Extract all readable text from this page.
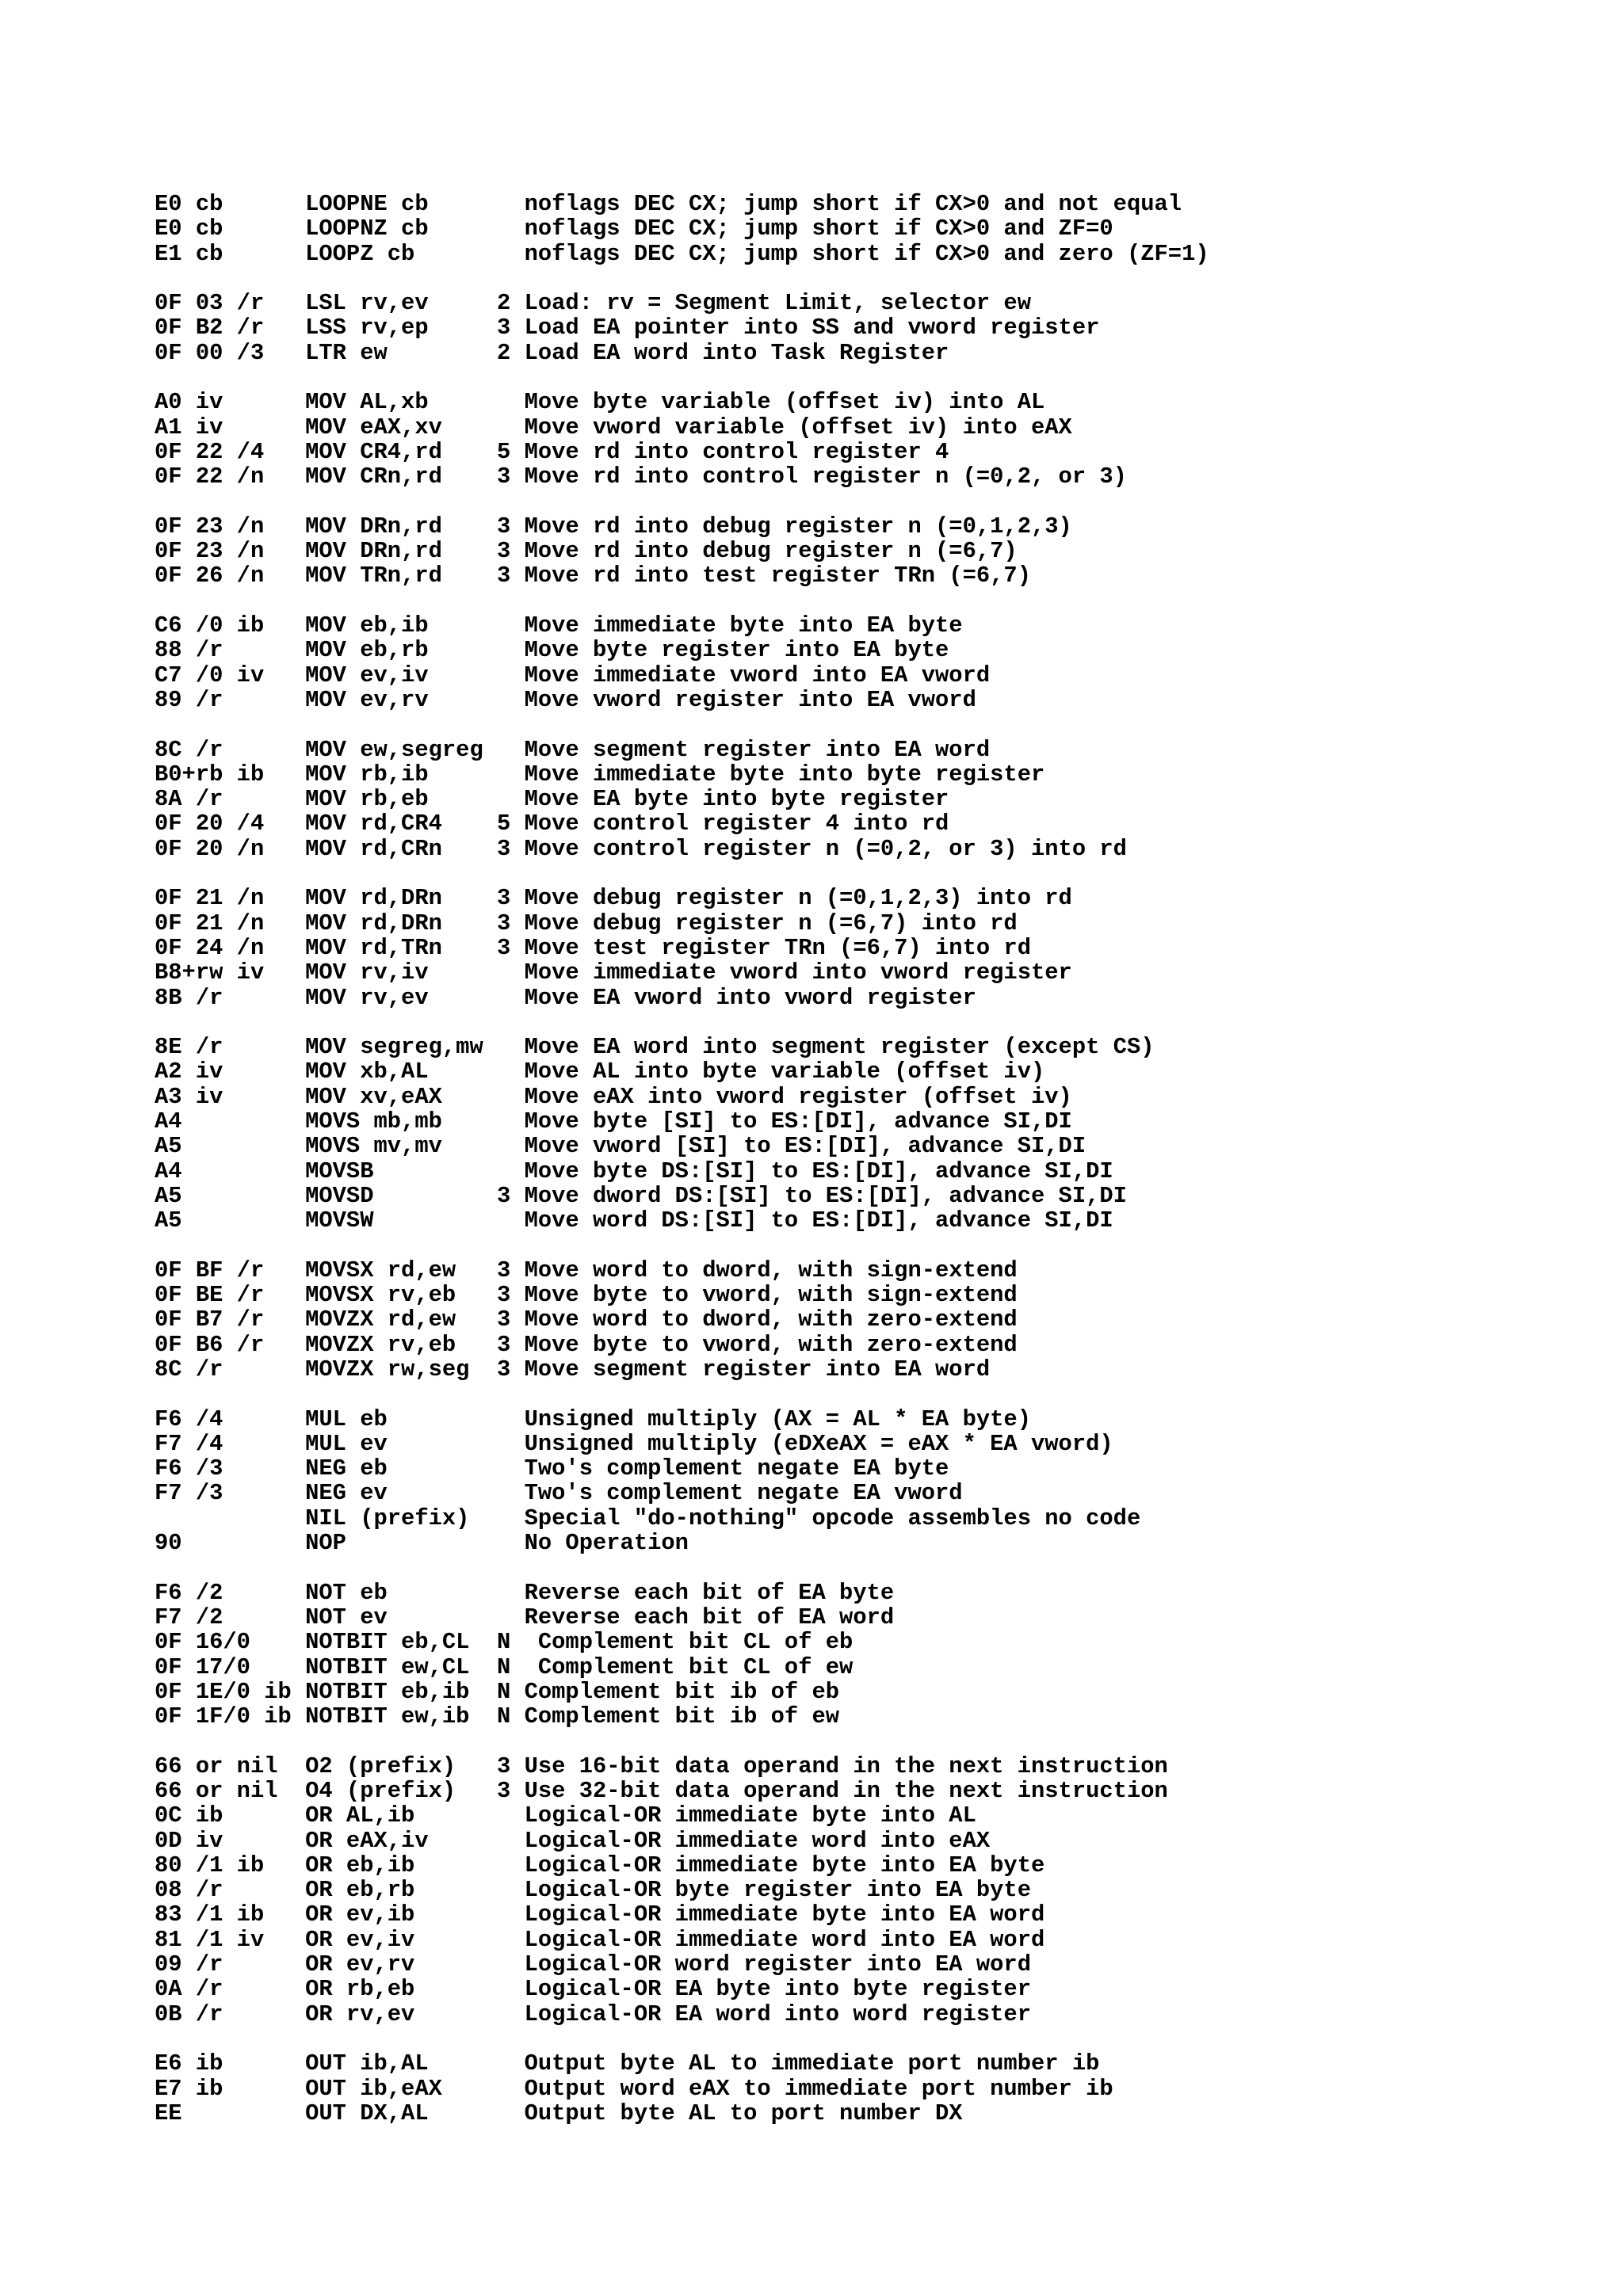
E0 cb      LOOPNE cb       noflags DEC CX; jump short if CX>0 and not equal
E0 cb      LOOPNZ cb       noflags DEC CX; jump short if CX>0 and ZF=0
E1 cb      LOOPZ cb        noflags DEC CX; jump short if CX>0 and zero (ZF=1)
0F 03 /r   LSL rv,ev     2 Load: rv = Segment Limit, selector ew
0F B2 /r   LSS rv,ep     3 Load EA pointer into SS and vword register
0F 00 /3   LTR ew        2 Load EA word into Task Register
A0 iv      MOV AL,xb       Move byte variable (offset iv) into AL
A1 iv      MOV eAX,xv      Move vword variable (offset iv) into eAX
0F 22 /4   MOV CR4,rd    5 Move rd into control register 4
0F 22 /n   MOV CRn,rd    3 Move rd into control register n (=0,2, or 3)
0F 23 /n   MOV DRn,rd    3 Move rd into debug register n (=0,1,2,3)
0F 23 /n   MOV DRn,rd    3 Move rd into debug register n (=6,7)
0F 26 /n   MOV TRn,rd    3 Move rd into test register TRn (=6,7)
C6 /0 ib   MOV eb,ib       Move immediate byte into EA byte
88 /r      MOV eb,rb       Move byte register into EA byte
C7 /0 iv   MOV ev,iv       Move immediate vword into EA vword
89 /r      MOV ev,rv       Move vword register into EA vword
8C /r      MOV ew,segreg   Move segment register into EA word
B0+rb ib   MOV rb,ib       Move immediate byte into byte register
8A /r      MOV rb,eb       Move EA byte into byte register
0F 20 /4   MOV rd,CR4    5 Move control register 4 into rd
0F 20 /n   MOV rd,CRn    3 Move control register n (=0,2, or 3) into rd
0F 21 /n   MOV rd,DRn    3 Move debug register n (=0,1,2,3) into rd
0F 21 /n   MOV rd,DRn    3 Move debug register n (=6,7) into rd
0F 24 /n   MOV rd,TRn    3 Move test register TRn (=6,7) into rd
B8+rw iv   MOV rv,iv       Move immediate vword into vword register
8B /r      MOV rv,ev       Move EA vword into vword register
8E /r      MOV segreg,mw   Move EA word into segment register (except CS)
A2 iv      MOV xb,AL       Move AL into byte variable (offset iv)
A3 iv      MOV xv,eAX      Move eAX into vword register (offset iv)
A4         MOVS mb,mb      Move byte [SI] to ES:[DI], advance SI,DI
A5         MOVS mv,mv      Move vword [SI] to ES:[DI], advance SI,DI
A4         MOVSB           Move byte DS:[SI] to ES:[DI], advance SI,DI
A5         MOVSD         3 Move dword DS:[SI] to ES:[DI], advance SI,DI
A5         MOVSW           Move word DS:[SI] to ES:[DI], advance SI,DI
0F BF /r   MOVSX rd,ew   3 Move word to dword, with sign-extend
0F BE /r   MOVSX rv,eb   3 Move byte to vword, with sign-extend
0F B7 /r   MOVZX rd,ew   3 Move word to dword, with zero-extend
0F B6 /r   MOVZX rv,eb   3 Move byte to vword, with zero-extend
8C /r      MOVZX rw,seg  3 Move segment register into EA word
F6 /4      MUL eb          Unsigned multiply (AX = AL * EA byte)
F7 /4      MUL ev          Unsigned multiply (eDXeAX = eAX * EA vword)
F6 /3      NEG eb          Two's complement negate EA byte
F7 /3      NEG ev          Two's complement negate EA vword
NIL (prefix)    Special "do-nothing" opcode assembles no code
90         NOP             No Operation
F6 /2      NOT eb          Reverse each bit of EA byte
F7 /2      NOT ev          Reverse each bit of EA word
0F 16/0    NOTBIT eb,CL  N  Complement bit CL of eb
0F 17/0    NOTBIT ew,CL  N  Complement bit CL of ew
0F 1E/0 ib NOTBIT eb,ib  N Complement bit ib of eb
0F 1F/0 ib NOTBIT ew,ib  N Complement bit ib of ew
66 or nil  O2 (prefix)   3 Use 16-bit data operand in the next instruction
66 or nil  O4 (prefix)   3 Use 32-bit data operand in the next instruction
0C ib      OR AL,ib        Logical-OR immediate byte into AL
0D iv      OR eAX,iv       Logical-OR immediate word into eAX
80 /1 ib   OR eb,ib        Logical-OR immediate byte into EA byte
08 /r      OR eb,rb        Logical-OR byte register into EA byte
83 /1 ib   OR ev,ib        Logical-OR immediate byte into EA word
81 /1 iv   OR ev,iv        Logical-OR immediate word into EA word
09 /r      OR ev,rv        Logical-OR word register into EA word
0A /r      OR rb,eb        Logical-OR EA byte into byte register
0B /r      OR rv,ev        Logical-OR EA word into word register
E6 ib      OUT ib,AL       Output byte AL to immediate port number ib
E7 ib      OUT ib,eAX      Output word eAX to immediate port number ib
EE         OUT DX,AL       Output byte AL to port number DX
